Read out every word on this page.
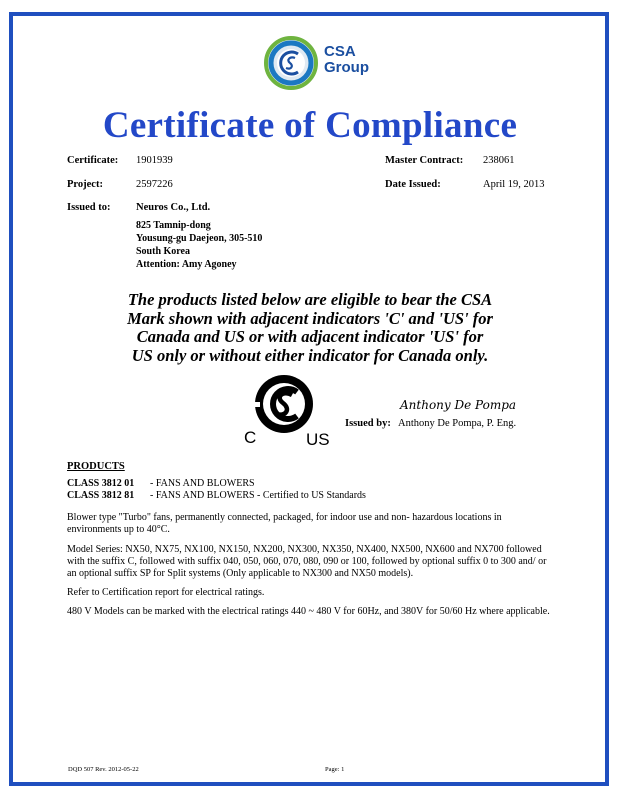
CSA
Group
Certificate of Compliance
Certificate: 1901939	Master Contract: 238061
Project:	2597226	Date Issued:	April 19, 2013
Issued to: Neuros Co., Ltd.
825 Tamnip-dong
Yousung-gu Daejeon, 305-510
South Korea
Attention: Amy Agoney
The products listed below are eligible to bear the CSA
Mark shown with adjacent indicators 'C' and 'US' for
Canada and US or with adjacent indicator 'US' for
US only or without either indicator for Canada only.
®
C	US
Anthony De Pompa
Issued by: Anthony De Pompa, P. Eng.
PRODUCTS
CLASS 3812 01 - FANS AND BLOWERS
CLASS 3812 81 - FANS AND BLOWERS - Certified to US Standards
Blower type "Turbo" fans, permanently connected, packaged, for indoor use and non- hazardous locations in environments up to 40°C.
Model Series: NX50, NX75, NX100, NX150, NX200, NX300, NX350, NX400, NX500, NX600 and NX700 followed with the suffix C, followed with suffix 040, 050, 060, 070, 080, 090 or 100, followed by optional suffix 0 to 300 and/ or an optional suffix SP for Split systems (Only applicable to NX300 and NX50 models).
Refer to Certification report for electrical ratings.
480 V Models can be marked with the electrical ratings 440 ~ 480 V for 60Hz, and 380V for 50/60 Hz where applicable.
DQD 507 Rev. 2012-05-22	Page: 1
